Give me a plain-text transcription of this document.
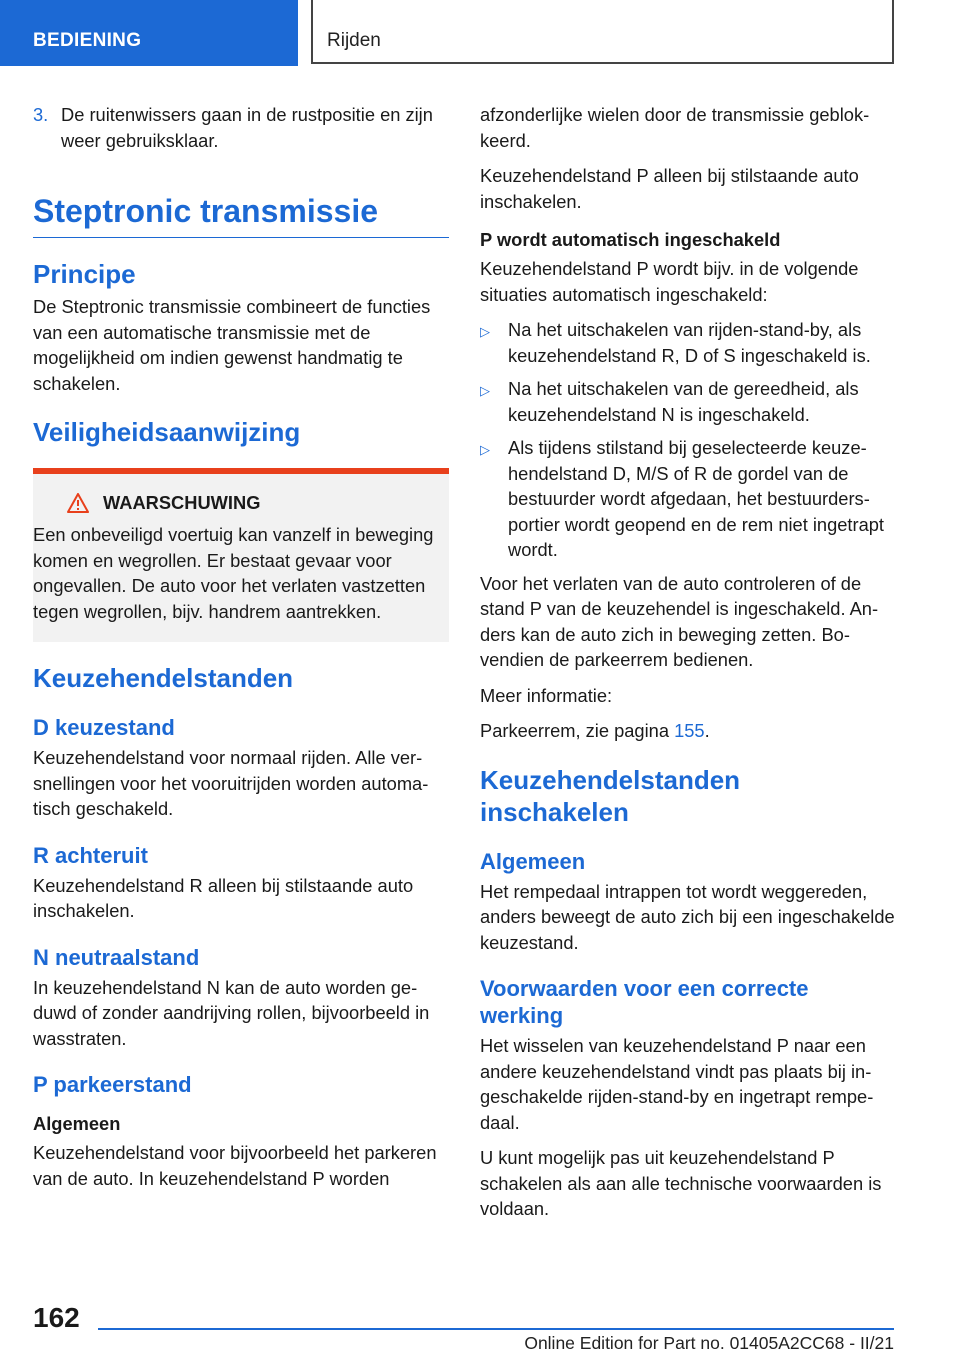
BEDIENING	Rijden
3. De ruitenwissers gaan in de rustpositie en zijn weer gebruiksklaar.
Steptronic transmissie
Principe

De Steptronic transmissie combineert de functies van een automatische transmissie met de mogelijkheid om indien gewenst handmatig te schakelen.

Veiligheidsaanwijzing
WAARSCHUWING

Een onbeveiligd voertuig kan vanzelf in beweging komen en wegrollen. Er bestaat gevaar voor ongevallen. De auto voor het verlaten vastzetten tegen wegrollen, bijv. handrem aantrekken.

Keuzehendelstanden
D keuzestand

Keuzehendelstand voor normaal rijden. Alle versnellingen voor het vooruitrijden worden automatisch geschakeld.

R achteruit

Keuzehendelstand R alleen bij stilstaande auto inschakelen.

N neutraalstand

In keuzehendelstand N kan de auto worden geduwd of zonder aandrijving rollen, bijvoorbeeld in wasstraten.

P parkeerstand
Algemeen

Keuzehendelstand voor bijvoorbeeld het parkeren van de auto. In keuzehendelstand P worden

afzonderlijke wielen door de transmissie geblokkeerd.

Keuzehendelstand P alleen bij stilstaande auto inschakelen.

P wordt automatisch ingeschakeld

Keuzehendelstand P wordt bijv. in de volgende situaties automatisch ingeschakeld:

▷ Na het uitschakelen van rijden-stand-by, als keuzehendelstand R, D of S ingeschakeld is.
▷ Na het uitschakelen van de gereedheid, als keuzehendelstand N is ingeschakeld.
▷ Als tijdens stilstand bij geselecteerde keuzehendelstand D, M/S of R de gordel van de bestuurder wordt afgedaan, het bestuurdersportier wordt geopend en de rem niet ingetrapt wordt.

Voor het verlaten van de auto controleren of de stand P van de keuzehendel is ingeschakeld. Anders kan de auto zich in beweging zetten. Bovendien de parkeerrem bedienen.

Meer informatie:

Parkeerrem, zie pagina 155.

Keuzehendelstanden inschakelen
Algemeen

Het rempedaal intrappen tot wordt weggereden, anders beweegt de auto zich bij een ingeschakelde keuzestand.

Voorwaarden voor een correcte werking

Het wisselen van keuzehendelstand P naar een andere keuzehendelstand vindt pas plaats bij ingeschakelde rijden-stand-by en ingetrapt rempedaal.

U kunt mogelijk pas uit keuzehendelstand P schakelen als aan alle technische voorwaarden is voldaan.

162
Online Edition for Part no. 01405A2CC68 - II/21
